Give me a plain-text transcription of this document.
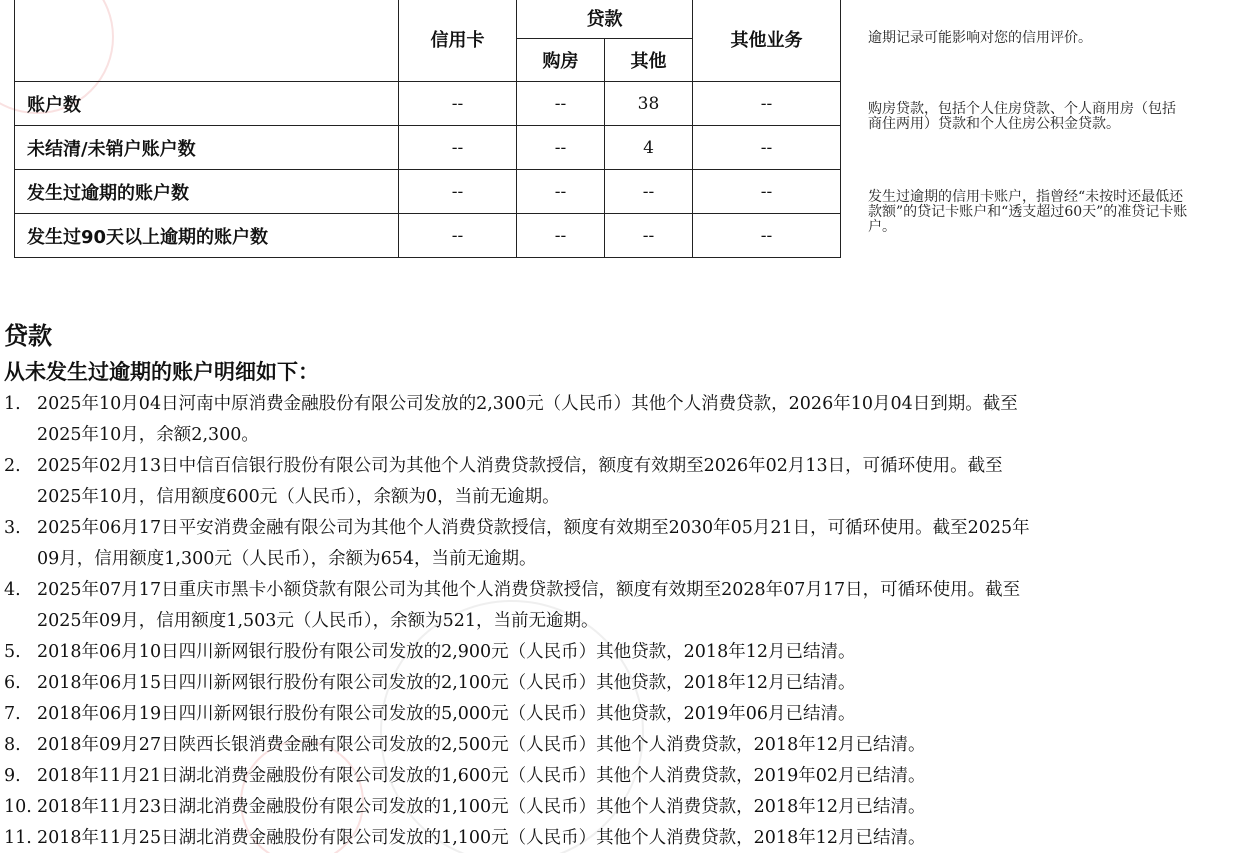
	信用卡	贷款		其他业务
		购房	其他	
账户数	--	--	38	--
未结清/未销户账户数	--	--	4	--
发生过逾期的账户数	--	--	--	--
发生过90天以上逾期的账户数	--	--	--	--
逾期记录可能影响对您的信用评价。
购房贷款，包括个人住房贷款、个人商用房（包括商住两用）贷款和个人住房公积金贷款。
发生过逾期的信用卡账户，指曾经“未按时还最低还款额”的贷记卡账户和“透支超过60天”的准贷记卡账户。
贷款
从未发生过逾期的账户明细如下：
1. 2025年10月04日河南中原消费金融股份有限公司发放的2,300元（人民币）其他个人消费贷款，2026年10月04日到期。截至
2025年10月，余额2,300。
2. 2025年02月13日中信百信银行股份有限公司为其他个人消费贷款授信，额度有效期至2026年02月13日，可循环使用。截至
2025年10月，信用额度600元（人民币），余额为0，当前无逾期。
3. 2025年06月17日平安消费金融有限公司为其他个人消费贷款授信，额度有效期至2030年05月21日，可循环使用。截至2025年
09月，信用额度1,300元（人民币），余额为654，当前无逾期。
4. 2025年07月17日重庆市黑卡小额贷款有限公司为其他个人消费贷款授信，额度有效期至2028年07月17日，可循环使用。截至
2025年09月，信用额度1,503元（人民币），余额为521，当前无逾期。
5. 2018年06月10日四川新网银行股份有限公司发放的2,900元（人民币）其他贷款，2018年12月已结清。
6. 2018年06月15日四川新网银行股份有限公司发放的2,100元（人民币）其他贷款，2018年12月已结清。
7. 2018年06月19日四川新网银行股份有限公司发放的5,000元（人民币）其他贷款，2019年06月已结清。
8. 2018年09月27日陕西长银消费金融有限公司发放的2,500元（人民币）其他个人消费贷款，2018年12月已结清。
9. 2018年11月21日湖北消费金融股份有限公司发放的1,600元（人民币）其他个人消费贷款，2019年02月已结清。
10. 2018年11月23日湖北消费金融股份有限公司发放的1,100元（人民币）其他个人消费贷款，2018年12月已结清。
11. 2018年11月25日湖北消费金融股份有限公司发放的1,100元（人民币）其他个人消费贷款，2018年12月已结清。
